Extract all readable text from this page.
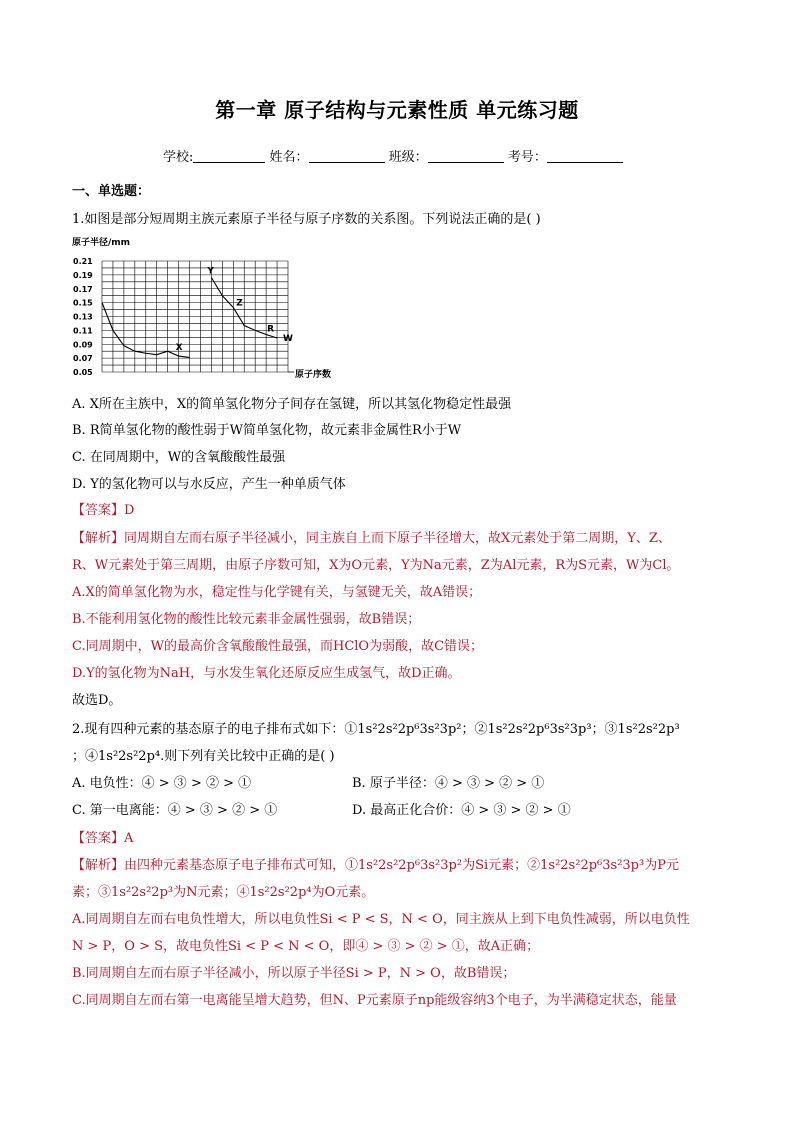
第一章 原子结构与元素性质 单元练习题
学校:	姓名：	班级：	考号：
一、单选题：
1.如图是部分短周期主族元素原子半径与原子序数的关系图。下列说法正确的是( )
原子半径/mm
0.21
0.19
0.17
0.15
0.13
0.11
0.09
0.07
0.05
X
Y
Z
R
W
原子序数
A. X所在主族中，X的简单氢化物分子间存在氢键，所以其氢化物稳定性最强
B. R简单氢化物的酸性弱于W简单氢化物，故元素非金属性R小于W
C. 在同周期中，W的含氧酸酸性最强
D. Y的氢化物可以与水反应，产生一种单质气体
【答案】D
【解析】同周期自左而右原子半径减小，同主族自上而下原子半径增大，故X元素处于第二周期，Y、Z、
R、W元素处于第三周期，由原子序数可知，X为O元素，Y为Na元素，Z为Al元素，R为S元素，W为Cl。
A.X的简单氢化物为水，稳定性与化学键有关，与氢键无关，故A错误；
B.不能利用氢化物的酸性比较元素非金属性强弱，故B错误；
C.同周期中，W的最高价含氧酸酸性最强，而HClO为弱酸，故C错误；
D.Y的氢化物为NaH，与水发生氧化还原反应生成氢气，故D正确。
故选D。
2.现有四种元素的基态原子的电子排布式如下：①1s²2s²2p⁶3s²3p²；②1s²2s²2p⁶3s²3p³；③1s²2s²2p³
；④1s²2s²2p⁴.则下列有关比较中正确的是( )
A. 电负性：④ > ③ > ② > ①	B. 原子半径：④ > ③ > ② > ①
C. 第一电离能：④ > ③ > ② > ①	D. 最高正化合价：④ > ③ > ② > ①
【答案】A
【解析】由四种元素基态原子电子排布式可知，①1s²2s²2p⁶3s²3p²为Si元素；②1s²2s²2p⁶3s²3p³为P元
素；③1s²2s²2p³为N元素；④1s²2s²2p⁴为O元素。
A.同周期自左而右电负性增大，所以电负性Si < P < S，N < O，同主族从上到下电负性减弱，所以电负性
N > P，O > S，故电负性Si < P < N < O，即④ > ③ > ② > ①，故A正确；
B.同周期自左而右原子半径减小，所以原子半径Si > P，N > O，故B错误；
C.同周期自左而右第一电离能呈增大趋势，但N、P元素原子np能级容纳3个电子，为半满稳定状态，能量
